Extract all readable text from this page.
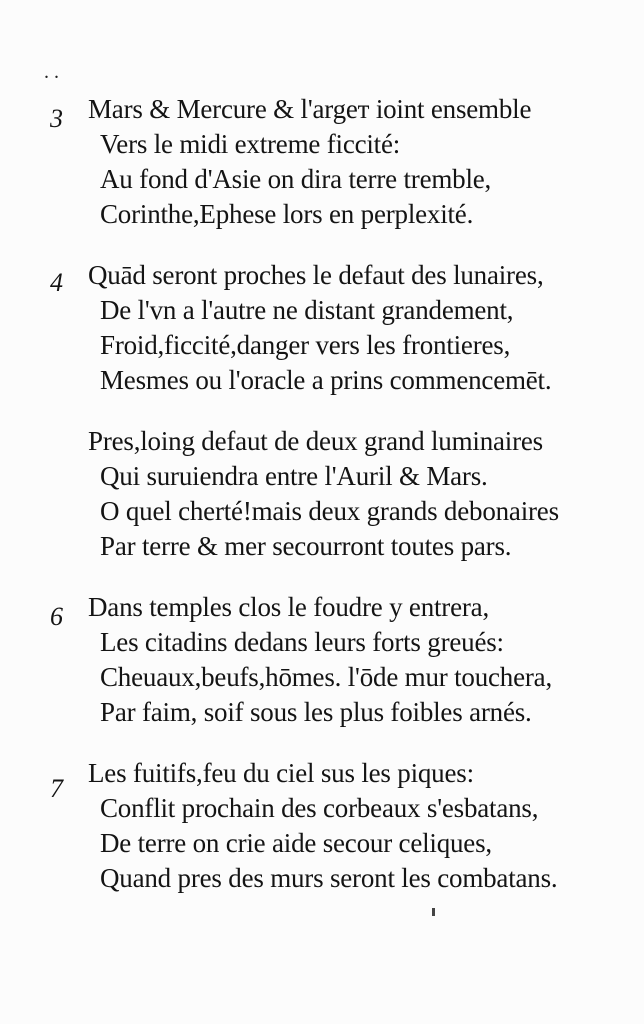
. .
3 Mars & Mercure & l'argeт ioint ensemble
Vers le midi extreme ficcité:
Au fond d'Asie on dira terre tremble,
Corinthe,Ephese lors en perplexité.
4 Quād seront proches le defaut des lunaires,
De l'vn a l'autre ne distant grandement,
Froid,ficcité,danger vers les frontieres,
Mesmes ou l'oracle a prins commencemēt.
Pres,loing defaut de deux grand luminaires
Qui suruiendra entre l'Auril & Mars.
O quel cherté!mais deux grands debonaires
Par terre & mer secourront toutes pars.
6 Dans temples clos le foudre y entrera,
Les citadins dedans leurs forts greués:
Cheuaux,beufs,hōmes. l'ōde mur touchera,
Par faim, soif sous les plus foibles arnés.
7
Les fuitifs,feu du ciel sus les piques:
Conflit prochain des corbeaux s'esbatans,
De terre on crie aide secour celiques,
Quand pres des murs seront les combatans.
